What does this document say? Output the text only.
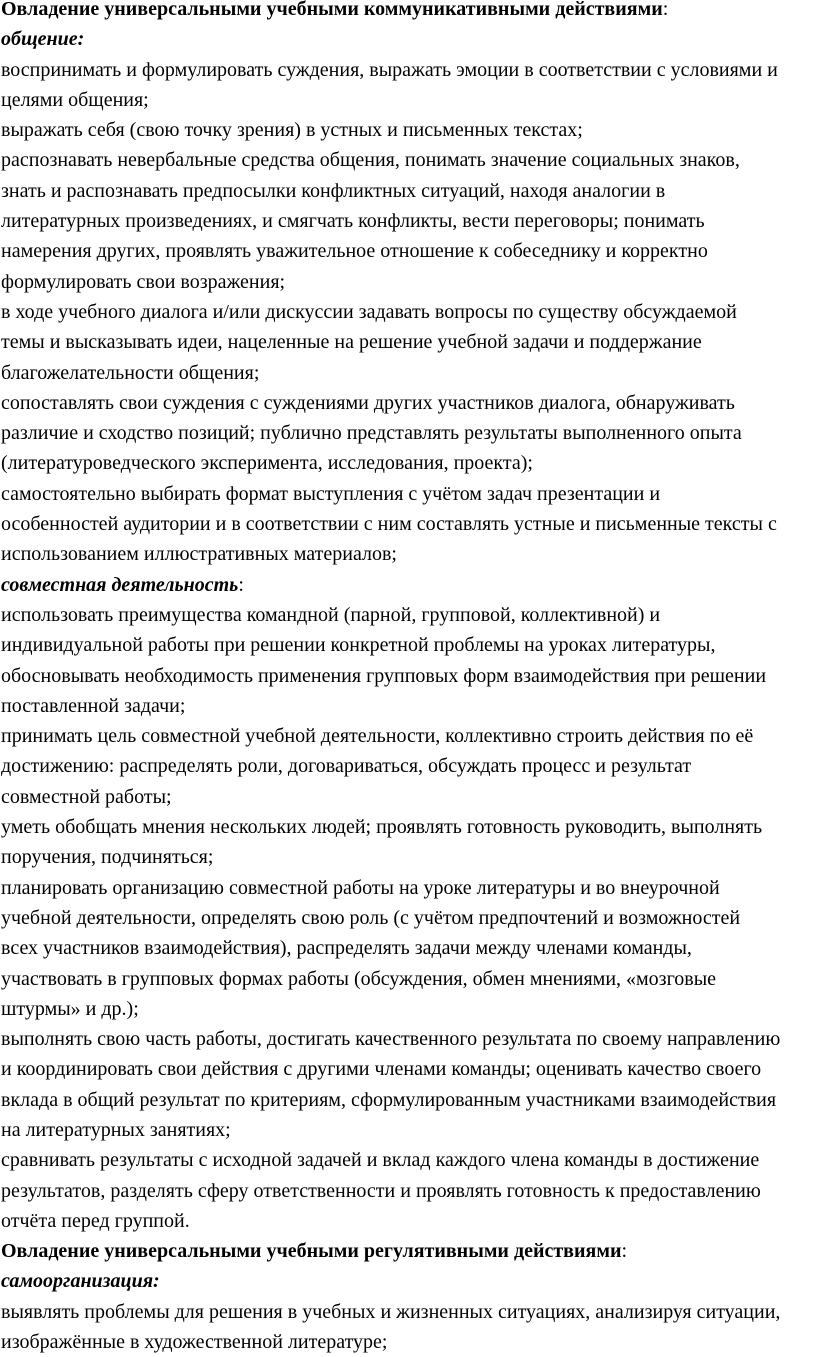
Овладение универсальными учебными коммуникативными действиями:
общение:
воспринимать и формулировать суждения, выражать эмоции в соответствии с условиями и
целями общения;
выражать себя (свою точку зрения) в устных и письменных текстах;
распознавать невербальные средства общения, понимать значение социальных знаков,
знать и распознавать предпосылки конфликтных ситуаций, находя аналогии в
литературных произведениях, и смягчать конфликты, вести переговоры; понимать
намерения других, проявлять уважительное отношение к собеседнику и корректно
формулировать свои возражения;
в ходе учебного диалога и/или дискуссии задавать вопросы по существу обсуждаемой
темы и высказывать идеи, нацеленные на решение учебной задачи и поддержание
благожелательности общения;
сопоставлять свои суждения с суждениями других участников диалога, обнаруживать
различие и сходство позиций; публично представлять результаты выполненного опыта
(литературоведческого эксперимента, исследования, проекта);
самостоятельно выбирать формат выступления с учётом задач презентации и
особенностей аудитории и в соответствии с ним составлять устные и письменные тексты с
использованием иллюстративных материалов;
совместная деятельность:
использовать преимущества командной (парной, групповой, коллективной) и
индивидуальной работы при решении конкретной проблемы на уроках литературы,
обосновывать необходимость применения групповых форм взаимодействия при решении
поставленной задачи;
принимать цель совместной учебной деятельности, коллективно строить действия по её
достижению: распределять роли, договариваться, обсуждать процесс и результат
совместной работы;
уметь обобщать мнения нескольких людей; проявлять готовность руководить, выполнять
поручения, подчиняться;
планировать организацию совместной работы на уроке литературы и во внеурочной
учебной деятельности, определять свою роль (с учётом предпочтений и возможностей
всех участников взаимодействия), распределять задачи между членами команды,
участвовать в групповых формах работы (обсуждения, обмен мнениями, «мозговые
штурмы» и др.);
выполнять свою часть работы, достигать качественного результата по своему направлению
и координировать свои действия с другими членами команды; оценивать качество своего
вклада в общий результат по критериям, сформулированным участниками взаимодействия
на литературных занятиях;
сравнивать результаты с исходной задачей и вклад каждого члена команды в достижение
результатов, разделять сферу ответственности и проявлять готовность к предоставлению
отчёта перед группой.
Овладение универсальными учебными регулятивными действиями:
самоорганизация:
выявлять проблемы для решения в учебных и жизненных ситуациях, анализируя ситуации,
изображённые в художественной литературе;
